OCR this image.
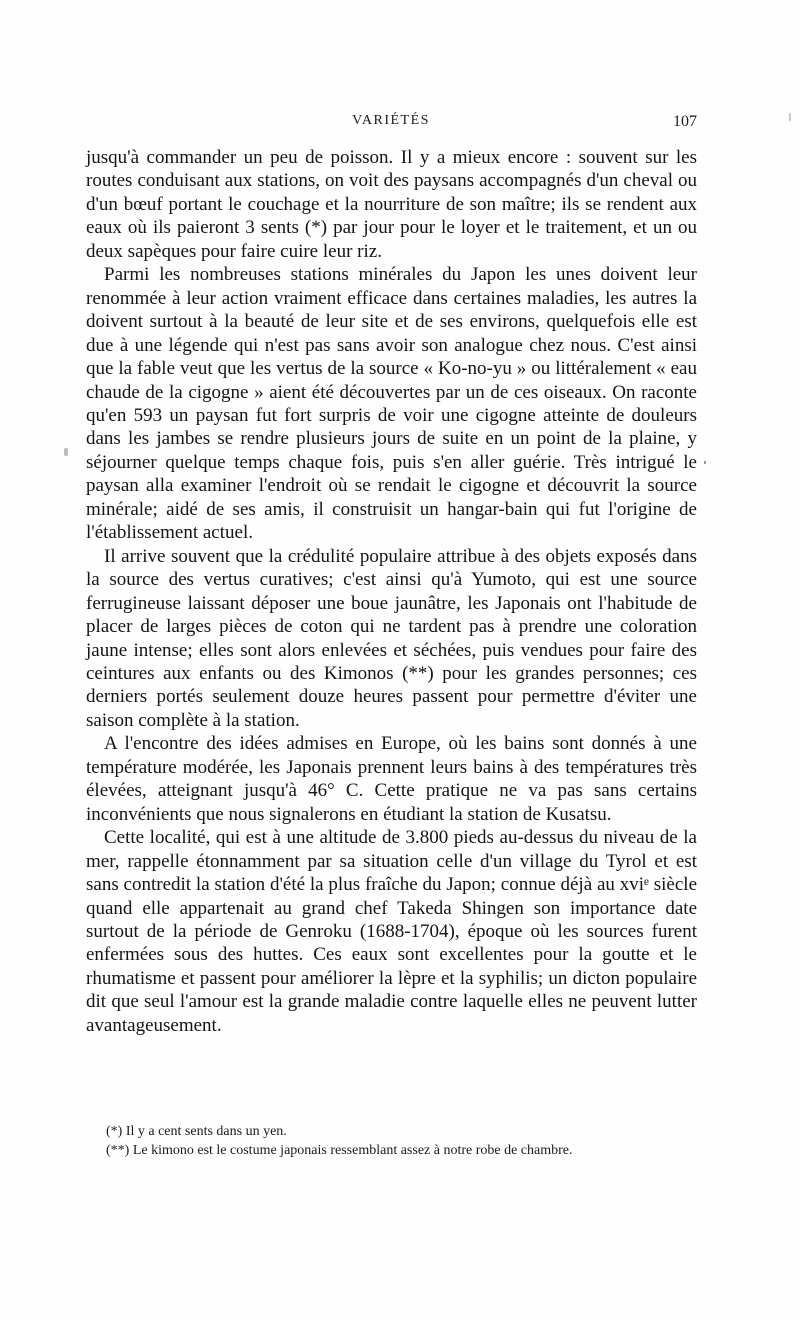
VARIÉTÉS	107

jusqu'à commander un peu de poisson. Il y a mieux encore : souvent sur les routes conduisant aux stations, on voit des paysans accompagnés d'un cheval ou d'un bœuf portant le couchage et la nourriture de son maître; ils se rendent aux eaux où ils paieront 3 sents (*) par jour pour le loyer et le traitement, et un ou deux sapèques pour faire cuire leur riz.

Parmi les nombreuses stations minérales du Japon les unes doivent leur renommée à leur action vraiment efficace dans certaines maladies, les autres la doivent surtout à la beauté de leur site et de ses environs, quelquefois elle est due à une légende qui n'est pas sans avoir son analogue chez nous. C'est ainsi que la fable veut que les vertus de la source « Ko-no-yu » ou littéralement « eau chaude de la cigogne » aient été découvertes par un de ces oiseaux. On raconte qu'en 593 un paysan fut fort surpris de voir une cigogne atteinte de douleurs dans les jambes se rendre plusieurs jours de suite en un point de la plaine, y séjourner quelque temps chaque fois, puis s'en aller guérie. Très intrigué le paysan alla examiner l'endroit où se rendait le cigogne et découvrit la source minérale; aidé de ses amis, il construisit un hangar-bain qui fut l'origine de l'établissement actuel.

Il arrive souvent que la crédulité populaire attribue à des objets exposés dans la source des vertus curatives; c'est ainsi qu'à Yumoto, qui est une source ferrugineuse laissant déposer une boue jaunâtre, les Japonais ont l'habitude de placer de larges pièces de coton qui ne tardent pas à prendre une coloration jaune intense; elles sont alors enlevées et séchées, puis vendues pour faire des ceintures aux enfants ou des Kimonos (**) pour les grandes personnes; ces derniers portés seulement douze heures passent pour permettre d'éviter une saison complète à la station.

A l'encontre des idées admises en Europe, où les bains sont donnés à une température modérée, les Japonais prennent leurs bains à des températures très élevées, atteignant jusqu'à 46° C. Cette pratique ne va pas sans certains inconvénients que nous signalerons en étudiant la station de Kusatsu.

Cette localité, qui est à une altitude de 3.800 pieds au-dessus du niveau de la mer, rappelle étonnamment par sa situation celle d'un village du Tyrol et est sans contredit la station d'été la plus fraîche du Japon; connue déjà au xviᵉ siècle quand elle appartenait au grand chef Takeda Shingen son importance date surtout de la période de Genroku (1688-1704), époque où les sources furent enfermées sous des huttes. Ces eaux sont excellentes pour la goutte et le rhumatisme et passent pour améliorer la lèpre et la syphilis; un dicton populaire dit que seul l'amour est la grande maladie contre laquelle elles ne peuvent lutter avantageusement.

(*) Il y a cent sents dans un yen.

(**) Le kimono est le costume japonais ressemblant assez à notre robe de chambre.
